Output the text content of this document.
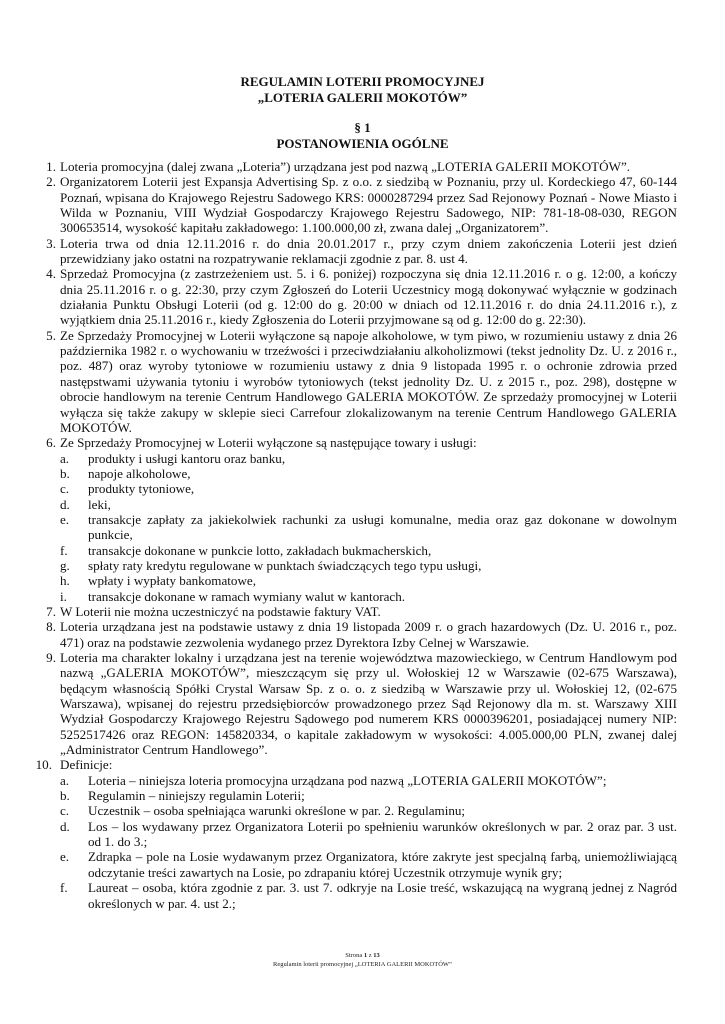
REGULAMIN LOTERII PROMOCYJNEJ

„LOTERIA GALERII MOKOTÓW”

§ 1

POSTANOWIENIA OGÓLNE

1. Loteria promocyjna (dalej zwana „Loteria”) urządzana jest pod nazwą „LOTERIA GALERII MOKOTÓW”.
2. Organizatorem Loterii jest Expansja Advertising Sp. z o.o. z siedzibą w Poznaniu, przy ul. Kordeckiego 47, 60-144 Poznań, wpisana do Krajowego Rejestru Sadowego KRS: 0000287294 przez Sad Rejonowy Poznań - Nowe Miasto i Wilda w Poznaniu, VIII Wydział Gospodarczy Krajowego Rejestru Sadowego, NIP: 781-18-08-030, REGON 300653514, wysokość kapitału zakładowego: 1.100.000,00 zł, zwana dalej „Organizatorem”.
3. Loteria trwa od dnia 12.11.2016 r. do dnia 20.01.2017 r., przy czym dniem zakończenia Loterii jest dzień przewidziany jako ostatni na rozpatrywanie reklamacji zgodnie z par. 8. ust 4.
4. Sprzedaż Promocyjna (z zastrzeżeniem ust. 5. i 6. poniżej) rozpoczyna się dnia 12.11.2016 r. o g. 12:00, a kończy dnia 25.11.2016 r. o g. 22:30, przy czym Zgłoszeń do Loterii Uczestnicy mogą dokonywać wyłącznie w godzinach działania Punktu Obsługi Loterii (od g. 12:00 do g. 20:00 w dniach od 12.11.2016 r. do dnia 24.11.2016 r.), z wyjątkiem dnia 25.11.2016 r., kiedy Zgłoszenia do Loterii przyjmowane są od g. 12:00 do g. 22:30).
5. Ze Sprzedaży Promocyjnej w Loterii wyłączone są napoje alkoholowe, w tym piwo, w rozumieniu ustawy z dnia 26 października 1982 r. o wychowaniu w trzeźwości i przeciwdziałaniu alkoholizmowi (tekst jednolity Dz. U. z 2016 r., poz. 487) oraz wyroby tytoniowe w rozumieniu ustawy z dnia 9 listopada 1995 r. o ochronie zdrowia przed następstwami używania tytoniu i wyrobów tytoniowych (tekst jednolity Dz. U. z 2015 r., poz. 298), dostępne w obrocie handlowym na terenie Centrum Handlowego GALERIA MOKOTÓW. Ze sprzedaży promocyjnej w Loterii wyłącza się także zakupy w sklepie sieci Carrefour zlokalizowanym na terenie Centrum Handlowego GALERIA MOKOTÓW.
6. Ze Sprzedaży Promocyjnej w Loterii wyłączone są następujące towary i usługi:
a. produkty i usługi kantoru oraz banku,
b. napoje alkoholowe,
c. produkty tytoniowe,
d. leki,
e. transakcje zapłaty za jakiekolwiek rachunki za usługi komunalne, media oraz gaz dokonane w dowolnym punkcie,
f. transakcje dokonane w punkcie lotto, zakładach bukmacherskich,
g. spłaty raty kredytu regulowane w punktach świadczących tego typu usługi,
h. wpłaty i wypłaty bankomatowe,
i. transakcje dokonane w ramach wymiany walut w kantorach.
7. W Loterii nie można uczestniczyć na podstawie faktury VAT.
8. Loteria urządzana jest na podstawie ustawy z dnia 19 listopada 2009 r. o grach hazardowych (Dz. U. 2016 r., poz. 471) oraz na podstawie zezwolenia wydanego przez Dyrektora Izby Celnej w Warszawie.
9. Loteria ma charakter lokalny i urządzana jest na terenie województwa mazowieckiego, w Centrum Handlowym pod nazwą „GALERIA MOKOTÓW”, mieszczącym się przy ul. Wołoskiej 12 w Warszawie (02-675 Warszawa), będącym własnością Spółki Crystal Warsaw Sp. z o. o. z siedzibą w Warszawie przy ul. Wołoskiej 12, (02-675 Warszawa), wpisanej do rejestru przedsiębiorców prowadzonego przez Sąd Rejonowy dla m. st. Warszawy XIII Wydział Gospodarczy Krajowego Rejestru Sądowego pod numerem KRS 0000396201, posiadającej numery NIP: 5252517426 oraz REGON: 145820334, o kapitale zakładowym w wysokości: 4.005.000,00 PLN, zwanej dalej „Administrator Centrum Handlowego”.
10. Definicje:
a. Loteria – niniejsza loteria promocyjna urządzana pod nazwą „LOTERIA GALERII MOKOTÓW”;
b. Regulamin – niniejszy regulamin Loterii;
c. Uczestnik – osoba spełniająca warunki określone w par. 2. Regulaminu;
d. Los – los wydawany przez Organizatora Loterii po spełnieniu warunków określonych w par. 2 oraz par. 3 ust. od 1. do 3.;
e. Zdrapka – pole na Losie wydawanym przez Organizatora, które zakryte jest specjalną farbą, uniemożliwiającą odczytanie treści zawartych na Losie, po zdrapaniu której Uczestnik otrzymuje wynik gry;
f. Laureat – osoba, która zgodnie z par. 3. ust 7. odkryje na Losie treść, wskazującą na wygraną jednej z Nagród określonych w par. 4. ust 2.;
Strona 1 z 13
Regulamin loterii promocyjnej „LOTERIA GALERII MOKOTÓW”
